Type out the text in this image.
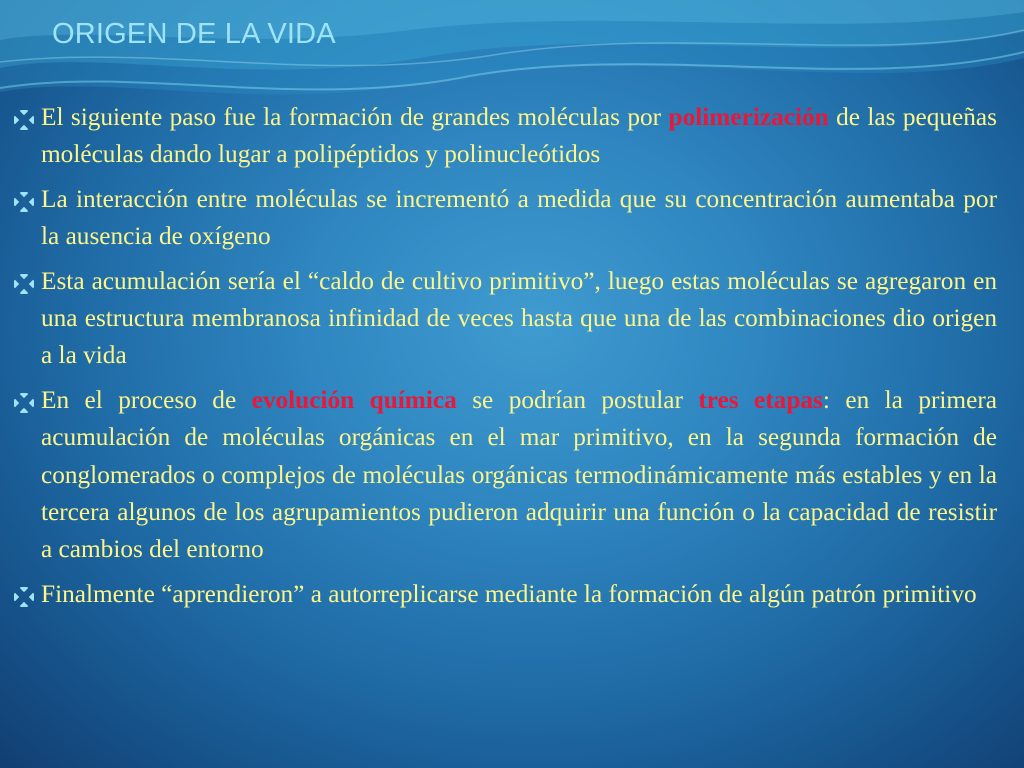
ORIGEN DE LA VIDA
El siguiente paso fue la formación de grandes moléculas por polimerización de las pequeñas moléculas dando lugar a polipéptidos y polinucleótidos
La interacción entre moléculas se incrementó a medida que su concentración aumentaba por la ausencia de oxígeno
Esta acumulación sería el “caldo de cultivo primitivo”, luego estas moléculas se agregaron en una estructura membranosa infinidad de veces hasta que una de las combinaciones dio origen a la vida
En el proceso de evolución química se podrían postular tres etapas: en la primera acumulación de moléculas orgánicas en el mar primitivo, en la segunda formación de conglomerados o complejos de moléculas orgánicas termodinámicamente más estables y en la tercera algunos de los agrupamientos pudieron adquirir una función o la capacidad de resistir a cambios del entorno
Finalmente “aprendieron” a autorreplicarse mediante la formación de algún patrón primitivo
